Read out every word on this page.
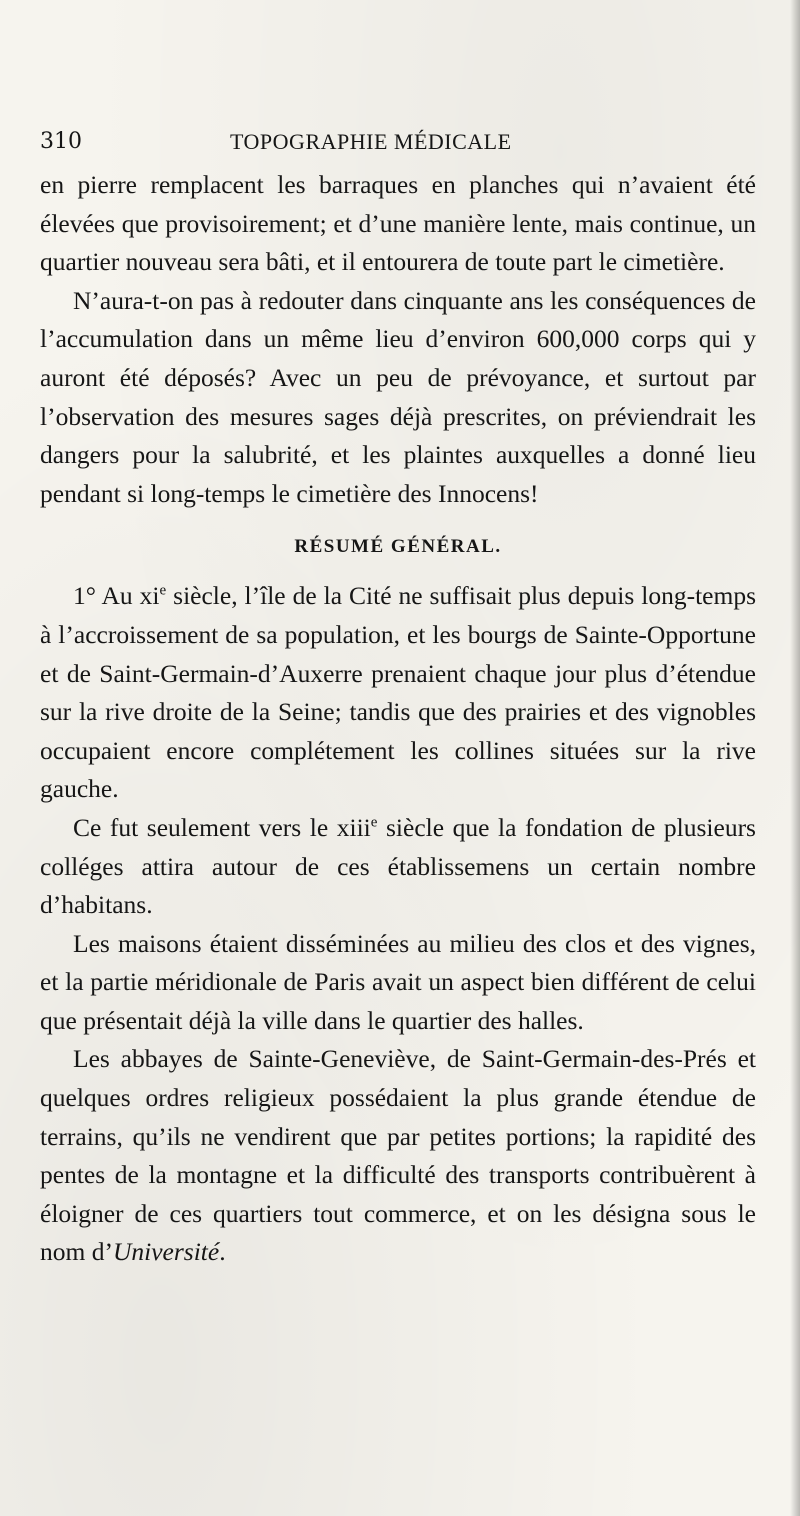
310	TOPOGRAPHIE MÉDICALE

en pierre remplacent les barraques en planches qui n’avaient été élevées que provisoirement; et d’une manière lente, mais continue, un quartier nouveau sera bâti, et il entourera de toute part le cimetière.

N’aura-t-on pas à redouter dans cinquante ans les conséquences de l’accumulation dans un même lieu d’environ 600,000 corps qui y auront été déposés? Avec un peu de prévoyance, et surtout par l’observation des mesures sages déjà prescrites, on préviendrait les dangers pour la salubrité, et les plaintes auxquelles a donné lieu pendant si long-temps le cimetière des Innocens!

RÉSUMÉ GÉNÉRAL.

1° Au $xi^e$ siècle, l’île de la Cité ne suffisait plus depuis long-temps à l’accroissement de sa population, et les bourgs de Sainte-Opportune et de Saint-Germain-d’Auxerre prenaient chaque jour plus d’étendue sur la rive droite de la Seine; tandis que des prairies et des vignobles occupaient encore complétement les collines situées sur la rive gauche.

Ce fut seulement vers le xiii$^e$ siècle que la fondation de plusieurs colléges attira autour de ces établissemens un certain nombre d’habitans.

Les maisons étaient disséminées au milieu des clos et des vignes, et la partie méridionale de Paris avait un aspect bien différent de celui que présentait déjà la ville dans le quartier des halles.

Les abbayes de Sainte-Geneviève, de Saint-Germain-des-Prés et quelques ordres religieux possédaient la plus grande étendue de terrains, qu’ils ne vendirent que par petites portions; la rapidité des pentes de la montagne et la difficulté des transports contribuèrent à éloigner de ces quartiers tout commerce, et on les désigna sous le nom d’Université.
